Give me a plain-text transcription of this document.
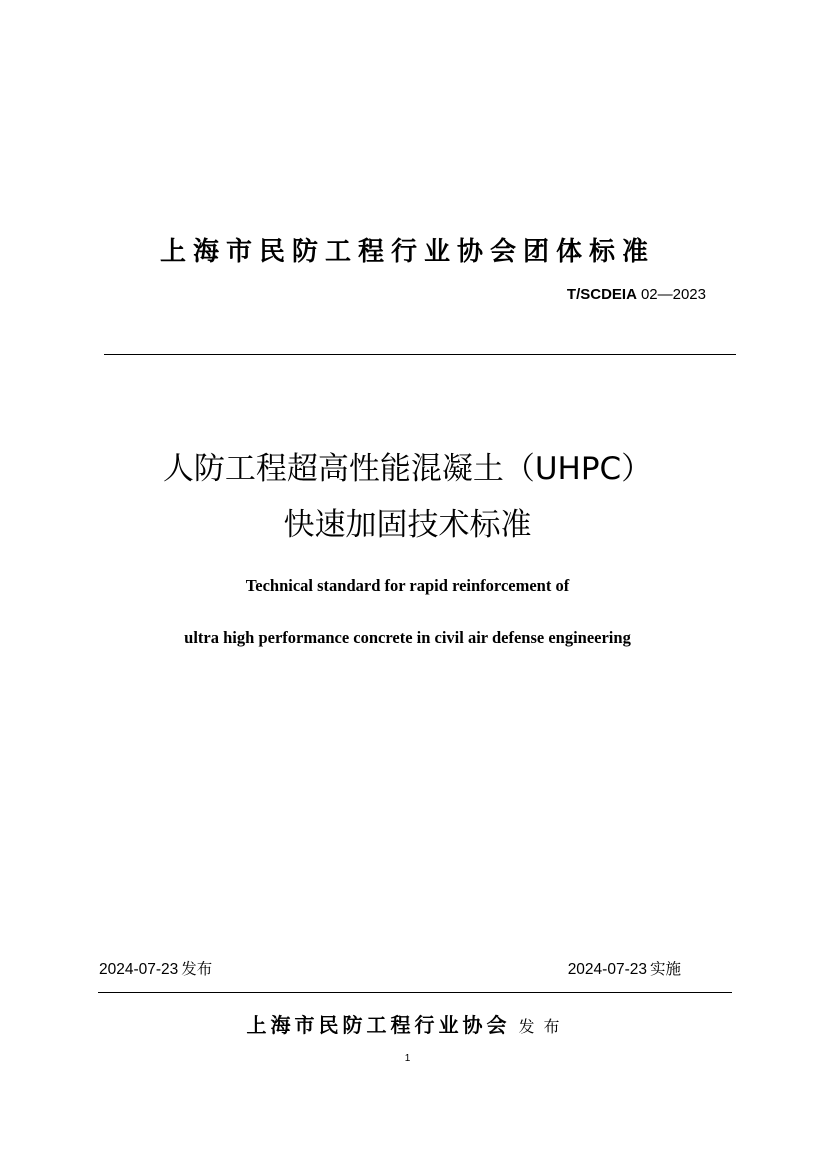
上海市民防工程行业协会团体标准
T/SCDEIA 02—2023
人防工程超高性能混凝土（UHPC）
快速加固技术标准
Technical standard for rapid reinforcement of
ultra high performance concrete in civil air defense engineering
2024-07-23 发布	2024-07-23 实施
上海市民防工程行业协会 发布
1
